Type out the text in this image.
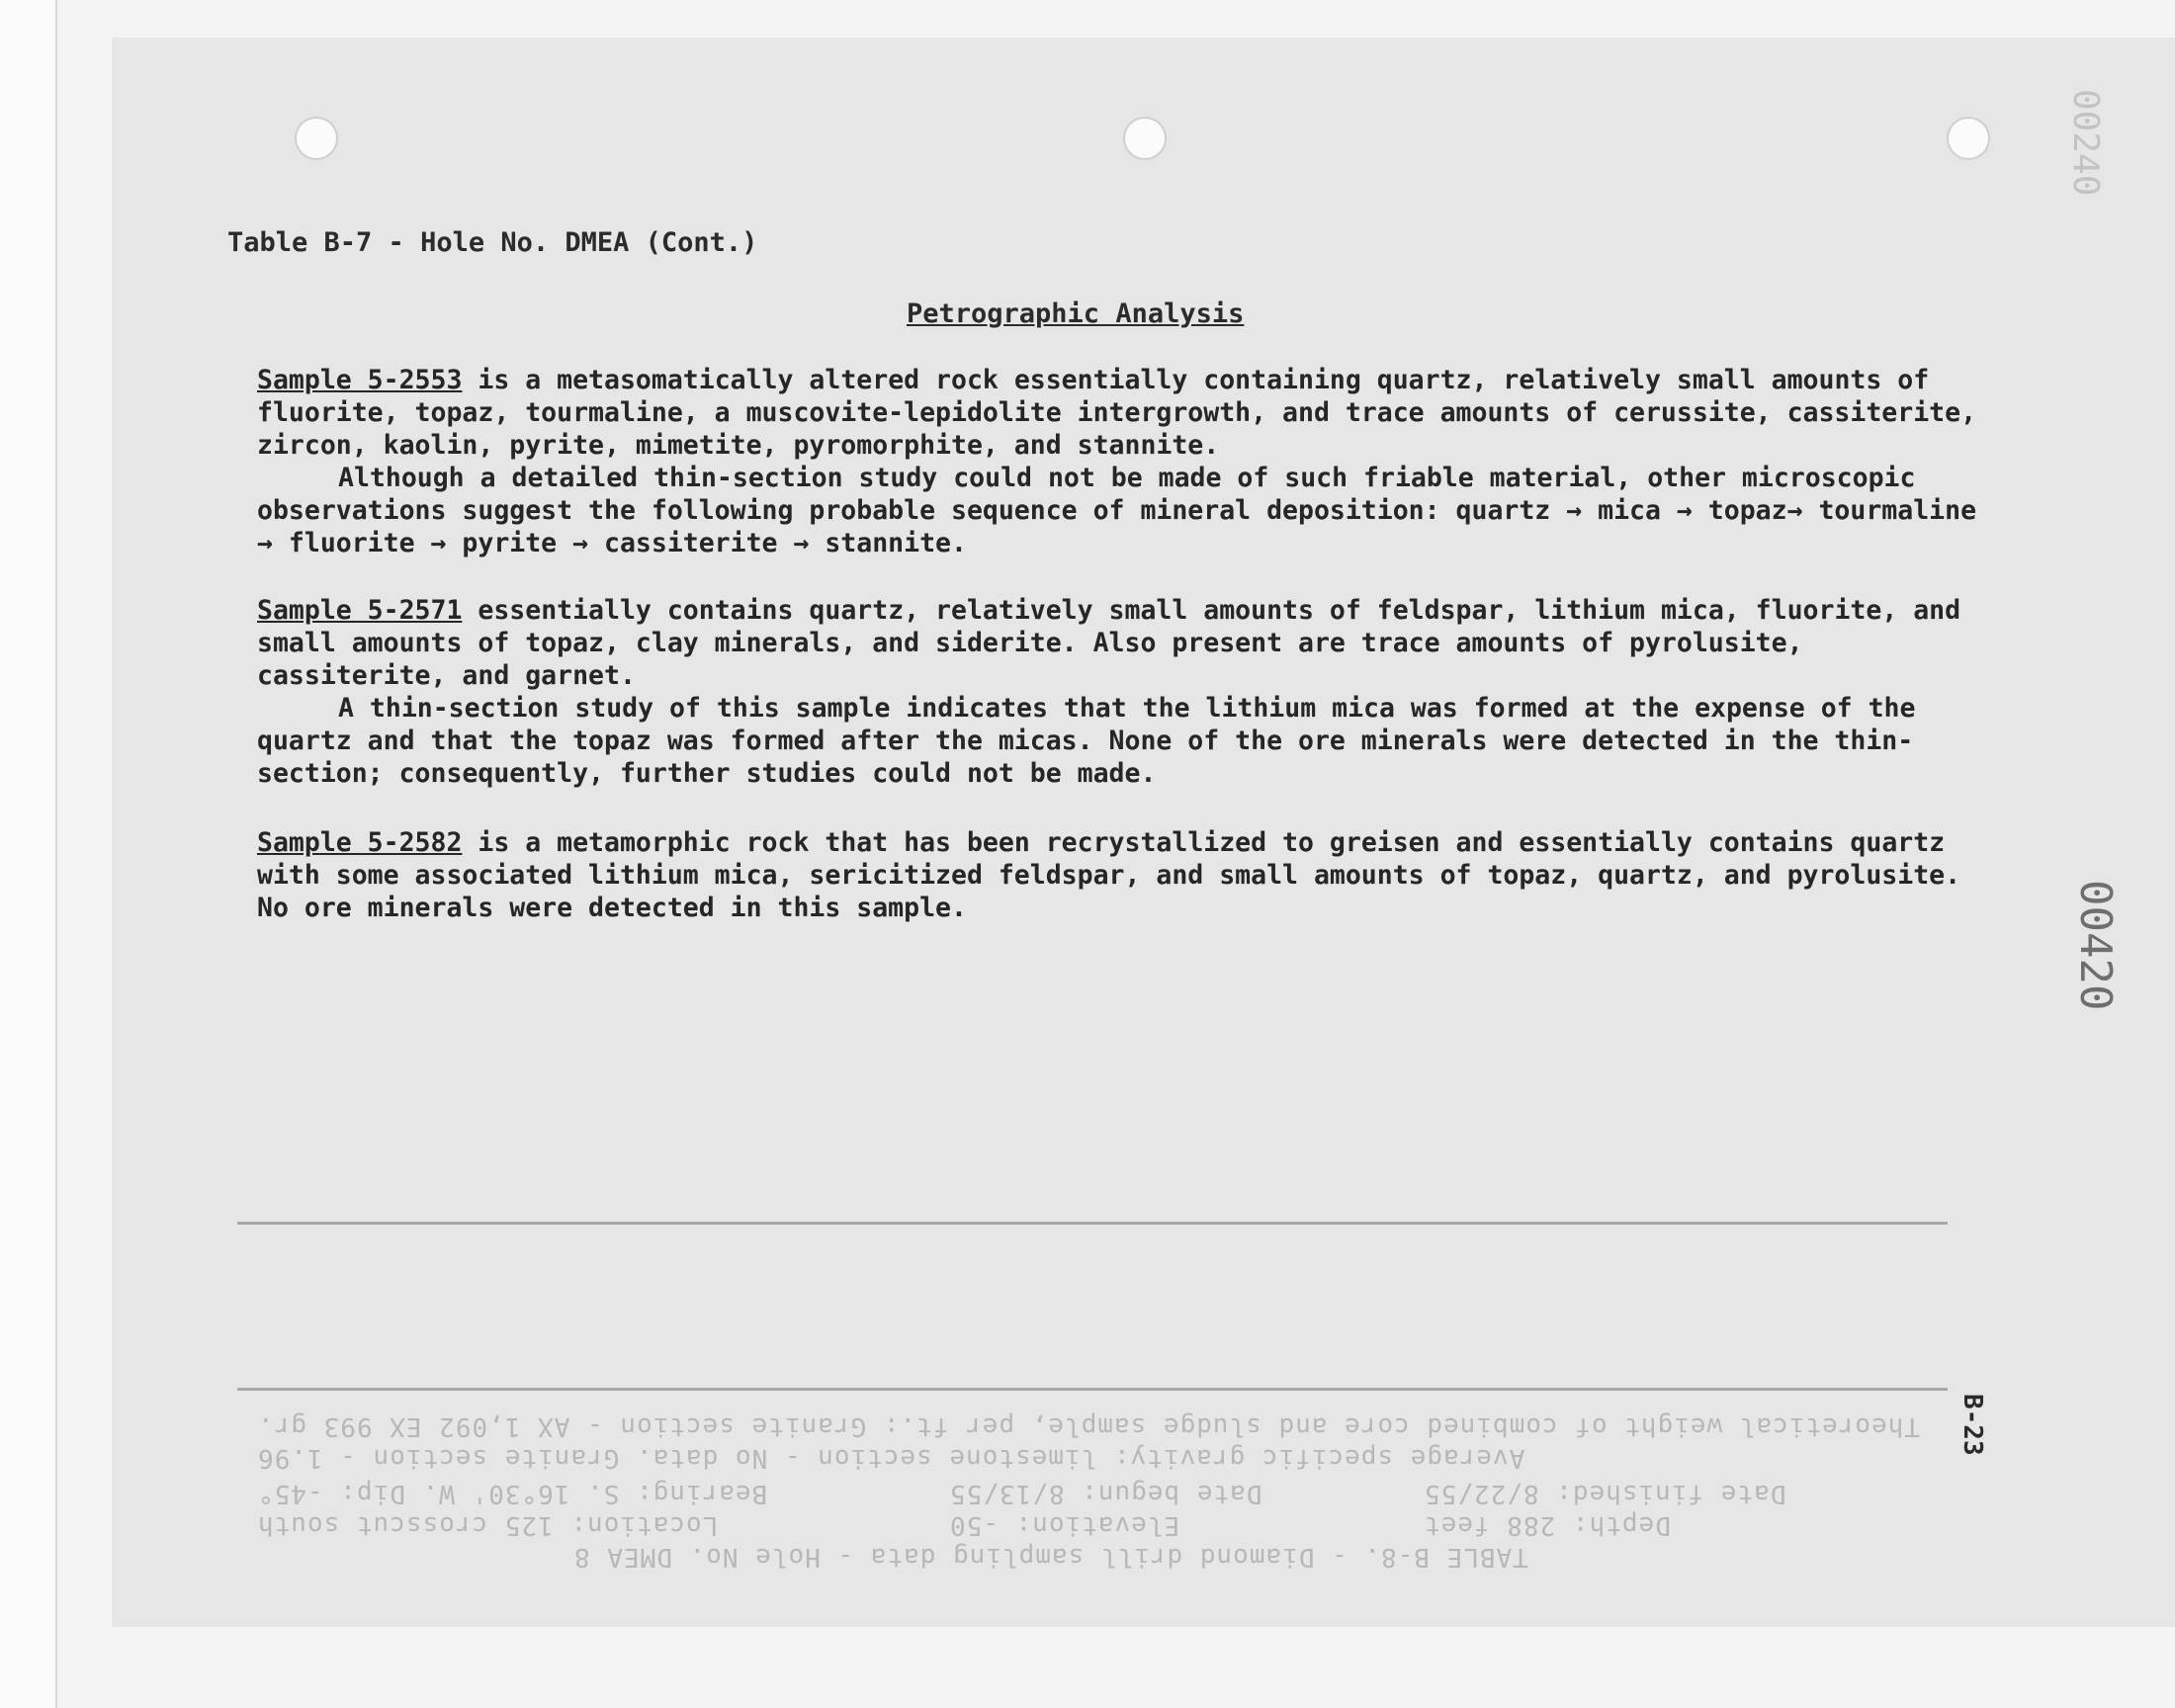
TABLE B-8. - Diamond drill sampling data - Hole No. DMEA 8
Location: 125 crosscut south	Elevation: -50	Depth: 288 feet
Bearing: S. 16°30' W. Dip: -45°	Date begun: 8/13/55	Date finished: 8/22/55
Average specific gravity: limestone section - No data. Granite section - 1.96
Theoretical weight of combined core and sludge sample, per ft.: Granite section - AX 1,092 EX 993 gr.
Table B-7 - Hole No. DMEA (Cont.)
Petrographic Analysis

Sample 5-2553 is a metasomatically altered rock essentially containing quartz, relatively small amounts of fluorite, topaz, tourmaline, a muscovite-lepidolite intergrowth, and trace amounts of cerussite, cassiterite, zircon, kaolin, pyrite, mimetite, pyromorphite, and stannite.

Although a detailed thin-section study could not be made of such friable material, other microscopic observations suggest the following probable sequence of mineral deposition: quartz → mica → topaz→ tourmaline → fluorite → pyrite → cassiterite → stannite.

Sample 5-2571 essentially contains quartz, relatively small amounts of feldspar, lithium mica, fluorite, and small amounts of topaz, clay minerals, and siderite. Also present are trace amounts of pyrolusite, cassiterite, and garnet.

A thin-section study of this sample indicates that the lithium mica was formed at the expense of the quartz and that the topaz was formed after the micas. None of the ore minerals were detected in the thin-section; consequently, further studies could not be made.

Sample 5-2582 is a metamorphic rock that has been recrystallized to greisen and essentially contains quartz with some associated lithium mica, sericitized feldspar, and small amounts of topaz, quartz, and pyrolusite. No ore minerals were detected in this sample.

B-23
00240
00420
